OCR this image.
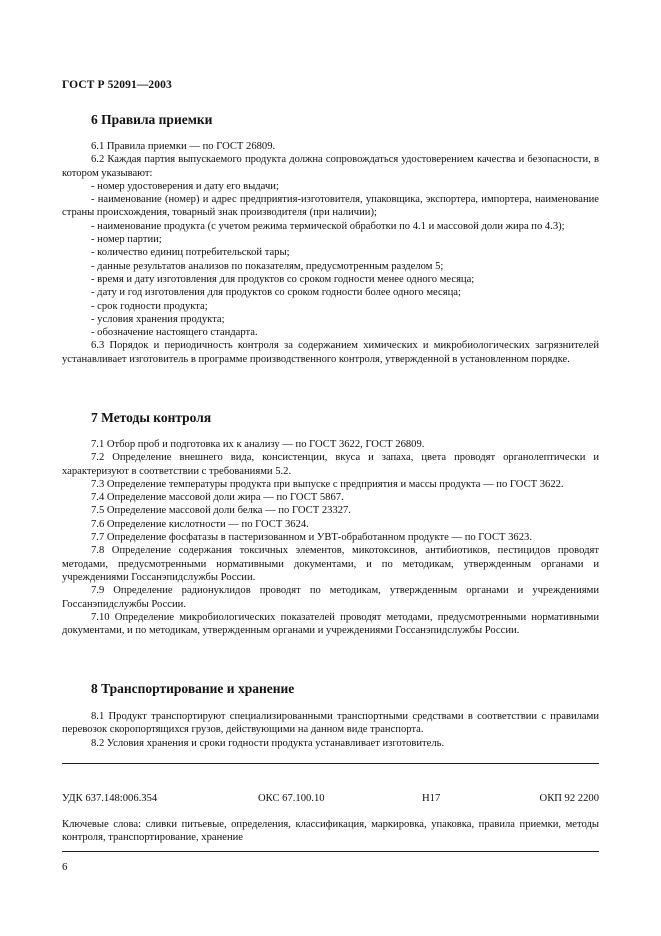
ГОСТ Р 52091—2003
6 Правила приемки

6.1 Правила приемки — по ГОСТ 26809.

6.2 Каждая партия выпускаемого продукта должна сопровождаться удостоверением качества и безопасности, в котором указывают:

- номер удостоверения и дату его выдачи;

- наименование (номер) и адрес предприятия-изготовителя, упаковщика, экспортера, импортера, наименование страны происхождения, товарный знак производителя (при наличии);

- наименование продукта (с учетом режима термической обработки по 4.1 и массовой доли жира по 4.3);

- номер партии;

- количество единиц потребительской тары;

- данные результатов анализов по показателям, предусмотренным разделом 5;

- время и дату изготовления для продуктов со сроком годности менее одного месяца;

- дату и год изготовления для продуктов со сроком годности более одного месяца;

- срок годности продукта;

- условия хранения продукта;

- обозначение настоящего стандарта.

6.3 Порядок и периодичность контроля за содержанием химических и микробиологических загрязнителей устанавливает изготовитель в программе производственного контроля, утвержденной в установленном порядке.

7 Методы контроля

7.1 Отбор проб и подготовка их к анализу — по ГОСТ 3622, ГОСТ 26809.

7.2 Определение внешнего вида, консистенции, вкуса и запаха, цвета проводят органолептически и характеризуют в соответствии с требованиями 5.2.

7.3 Определение температуры продукта при выпуске с предприятия и массы продукта — по ГОСТ 3622.

7.4 Определение массовой доли жира — по ГОСТ 5867.

7.5 Определение массовой доли белка — по ГОСТ 23327.

7.6 Определение кислотности — по ГОСТ 3624.

7.7 Определение фосфатазы в пастеризованном и УВТ-обработанном продукте — по ГОСТ 3623.

7.8 Определение содержания токсичных элементов, микотоксинов, антибиотиков, пестицидов проводят методами, предусмотренными нормативными документами, и по методикам, утвержденным органами и учреждениями Госсанэпидслужбы России.

7.9 Определение радионуклидов проводят по методикам, утвержденным органами и учреждениями Госсанэпидслужбы России.

7.10 Определение микробиологических показателей проводят методами, предусмотренными нормативными документами, и по методикам, утвержденным органами и учреждениями Госсанэпидслужбы России.

8 Транспортирование и хранение

8.1 Продукт транспортируют специализированными транспортными средствами в соответствии с правилами перевозок скоропортящихся грузов, действующими на данном виде транспорта.

8.2 Условия хранения и сроки годности продукта устанавливает изготовитель.

УДК 637.148:006.354	ОКС 67.100.10	Н17	ОКП 92 2200

Ключевые слова: сливки питьевые, определения, классификация, маркировка, упаковка, правила приемки, методы контроля, транспортирование, хранение

6
